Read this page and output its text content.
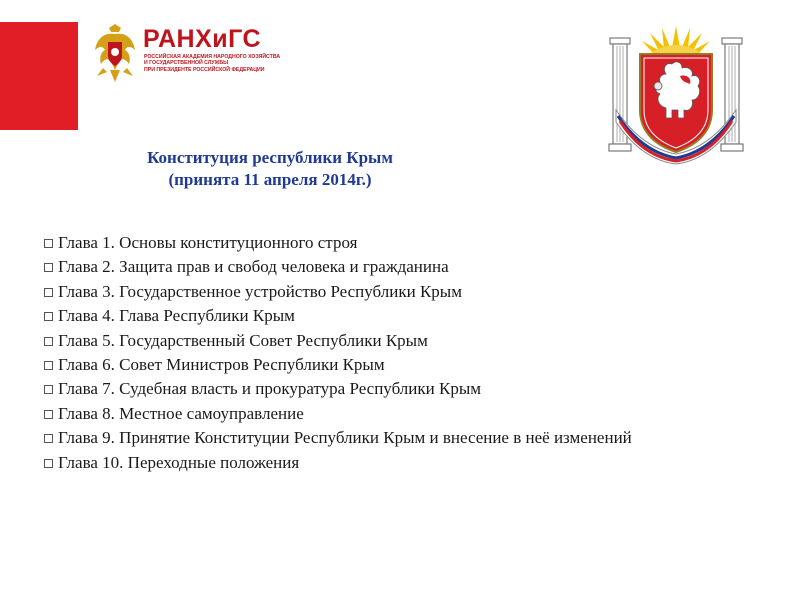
РАНХиГС
РОССИЙСКАЯ АКАДЕМИЯ НАРОДНОГО ХОЗЯЙСТВА
И ГОСУДАРСТВЕННОЙ СЛУЖБЫ
ПРИ ПРЕЗИДЕНТЕ РОССИЙСКОЙ ФЕДЕРАЦИИ
Конституция республики Крым
(принята 11 апреля 2014г.)
Глава 1. Основы конституционного строя
Глава 2. Защита прав и свобод человека и гражданина
Глава 3. Государственное устройство Республики Крым
Глава 4. Глава Республики Крым
Глава 5. Государственный Совет Республики Крым
Глава 6. Совет Министров Республики Крым
Глава 7. Судебная власть и прокуратура Республики Крым
Глава 8. Местное самоуправление
Глава 9. Принятие Конституции Республики Крым и внесение в неё изменений
Глава 10. Переходные положения
